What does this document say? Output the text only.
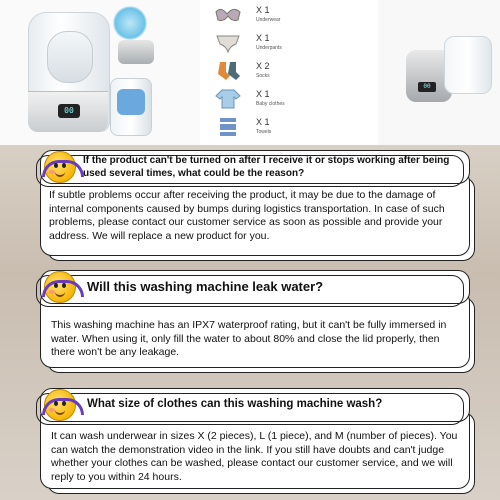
00
X 1
Underwear
X 1
Underpants
X 2
Socks
X 1
Baby clothes
X 1
Towels
00
If subtle problems occur after receiving the product, it may be due to the damage of internal components caused by bumps during logistics transportation. In case of such problems, please contact our customer service as soon as possible and provide your address. We will replace a new product for you.
If the product can't be turned on after I receive it or stops working after being used several times, what could be the reason?
This washing machine has an IPX7 waterproof rating, but it can't be fully immersed in water. When using it, only fill the water to about 80% and close the lid properly, then there won't be any leakage.
Will this washing machine leak water?
It can wash underwear in sizes X (2 pieces), L (1 piece), and M (number of pieces). You can watch the demonstration video in the link. If you still have doubts and can't judge whether your clothes can be washed, please contact our customer service, and we will reply to you within 24 hours.
What size of clothes can this washing machine wash?
